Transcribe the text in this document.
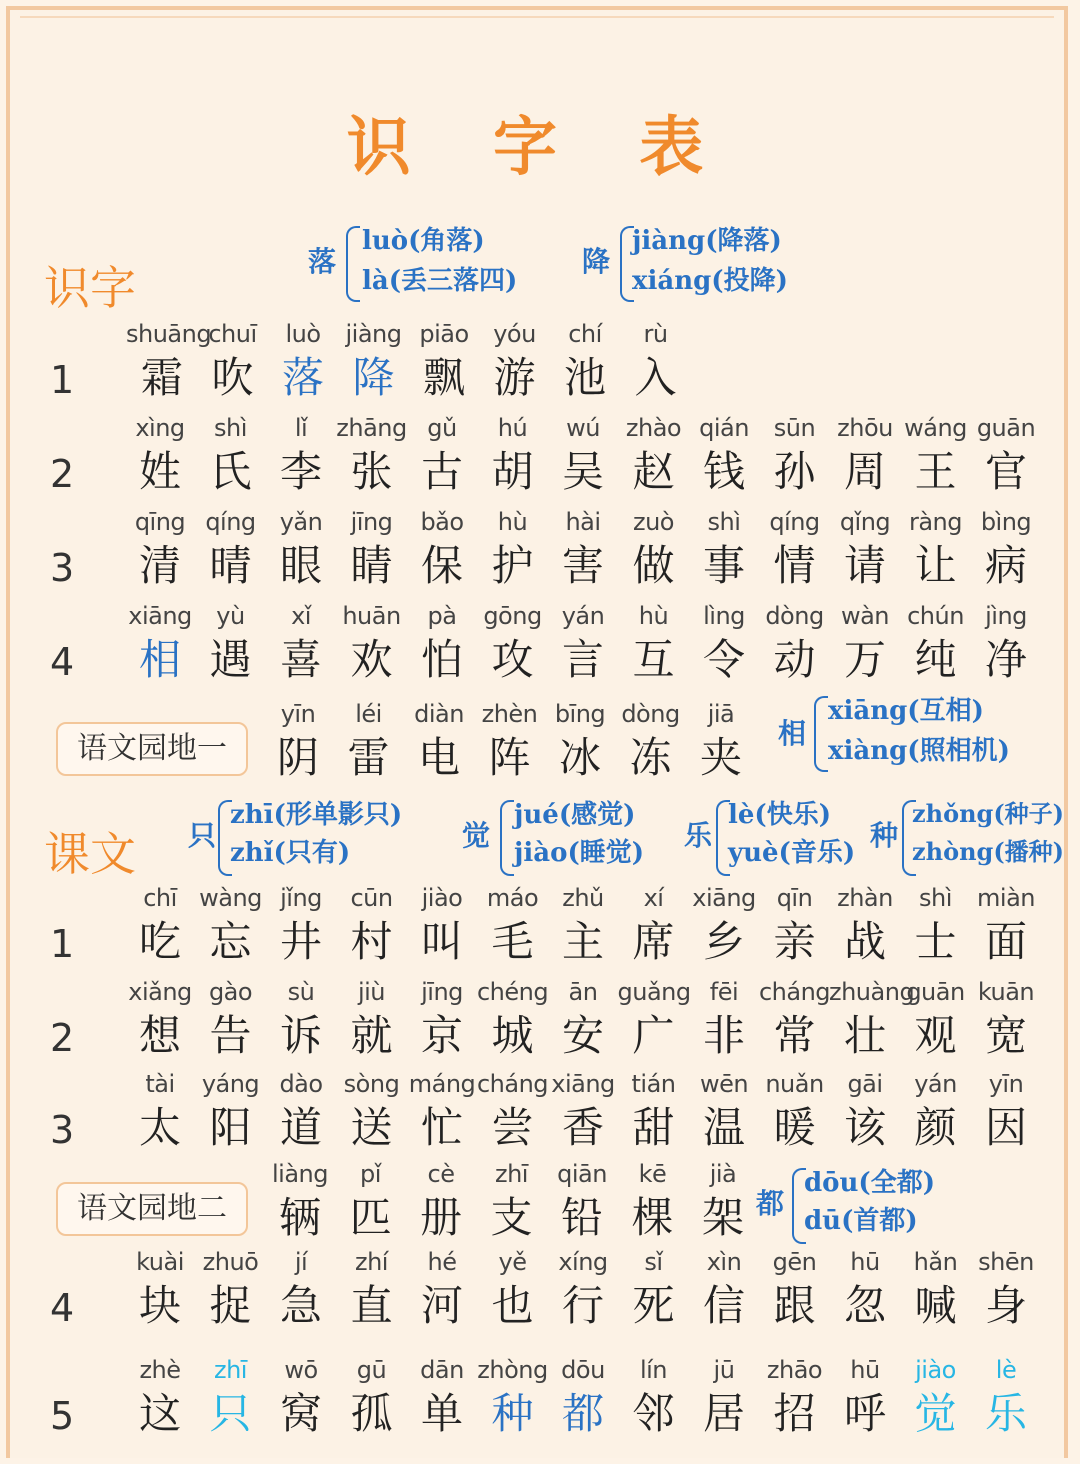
识 字 表
识字
课文
语文园地一
语文园地二
落
luò(角落)
là(丢三落四)
降
jiàng(降落)
xiáng(投降)
相
xiāng(互相)
xiàng(照相机)
只
zhī(形单影只)
zhǐ(只有)
觉
jué(感觉)
jiào(睡觉)
乐
lè(快乐)
yuè(音乐)
种
zhǒng(种子)
zhòng(播种)
都
dōu(全都)
dū(首都)
1
shuāng
霜
chuī
吹
luò
落
jiàng
降
piāo
飘
yóu
游
chí
池
rù
入
2
xìng
姓
shì
氏
lǐ
李
zhāng
张
gǔ
古
hú
胡
wú
吴
zhào
赵
qián
钱
sūn
孙
zhōu
周
wáng
王
guān
官
3
qīng
清
qíng
晴
yǎn
眼
jīng
睛
bǎo
保
hù
护
hài
害
zuò
做
shì
事
qíng
情
qǐng
请
ràng
让
bìng
病
4
xiāng
相
yù
遇
xǐ
喜
huān
欢
pà
怕
gōng
攻
yán
言
hù
互
lìng
令
dòng
动
wàn
万
chún
纯
jìng
净
yīn
阴
léi
雷
diàn
电
zhèn
阵
bīng
冰
dòng
冻
jiā
夹
1
chī
吃
wàng
忘
jǐng
井
cūn
村
jiào
叫
máo
毛
zhǔ
主
xí
席
xiāng
乡
qīn
亲
zhàn
战
shì
士
miàn
面
2
xiǎng
想
gào
告
sù
诉
jiù
就
jīng
京
chéng
城
ān
安
guǎng
广
fēi
非
cháng
常
zhuàng
壮
guān
观
kuān
宽
3
tài
太
yáng
阳
dào
道
sòng
送
máng
忙
cháng
尝
xiāng
香
tián
甜
wēn
温
nuǎn
暖
gāi
该
yán
颜
yīn
因
liàng
辆
pǐ
匹
cè
册
zhī
支
qiān
铅
kē
棵
jià
架
4
kuài
块
zhuō
捉
jí
急
zhí
直
hé
河
yě
也
xíng
行
sǐ
死
xìn
信
gēn
跟
hū
忽
hǎn
喊
shēn
身
5
zhè
这
zhī
只
wō
窝
gū
孤
dān
单
zhòng
种
dōu
都
lín
邻
jū
居
zhāo
招
hū
呼
jiào
觉
lè
乐
